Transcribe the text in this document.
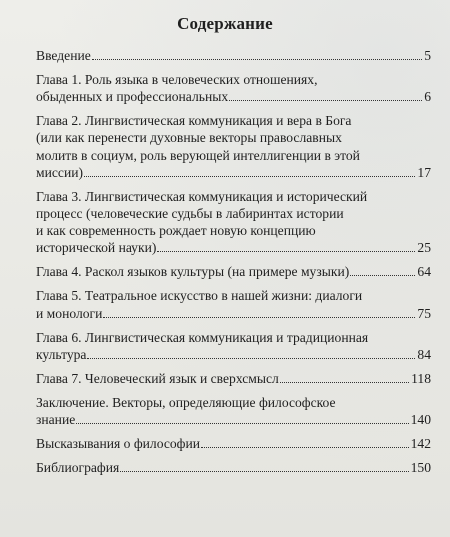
Содержание
Введение	5
Глава 1. Роль языка в человеческих отношениях,
обыденных и профессиональных	6
Глава 2. Лингвистическая коммуникация и вера в Бога
(или как перенести духовные векторы православных
молитв в социум, роль верующей интеллигенции в этой
миссии)	17
Глава 3. Лингвистическая коммуникация и исторический
процесс (человеческие судьбы в лабиринтах истории
и как современность рождает новую концепцию
исторической науки)	25
Глава 4. Раскол языков культуры (на примере музыки)	64
Глава 5. Театральное искусство в нашей жизни: диалоги
и монологи	75
Глава 6. Лингвистическая коммуникация и традиционная
культура	84
Глава 7. Человеческий язык и сверхсмысл	118
Заключение. Векторы, определяющие философское
знание	140
Высказывания о философии	142
Библиография	150
